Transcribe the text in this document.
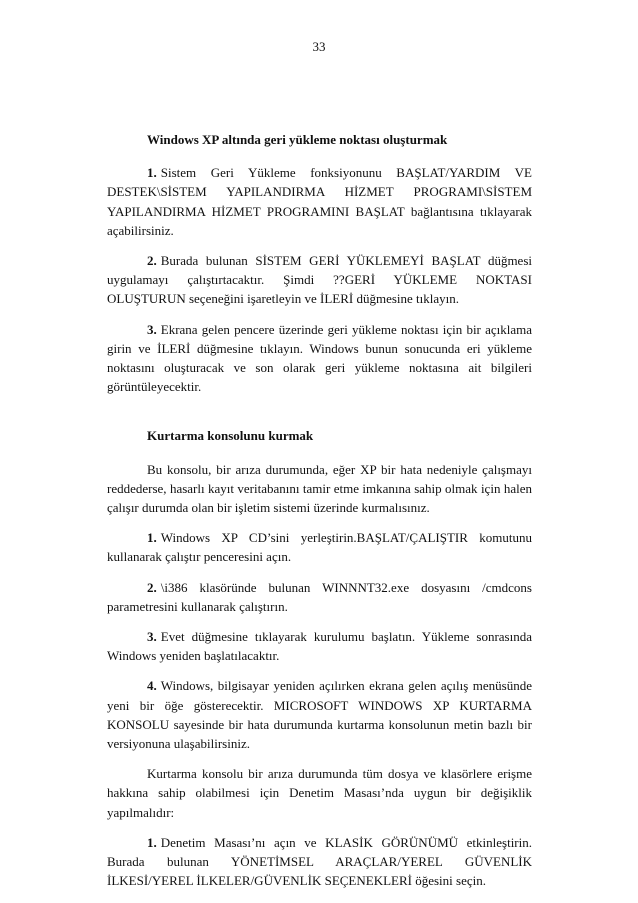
33

Windows XP altında geri yükleme noktası oluşturmak

1. Sistem Geri Yükleme fonksiyonunu BAŞLAT/YARDIM VE DESTEK\SİSTEM YAPILANDIRMA HİZMET PROGRAMI\SİSTEM YAPILANDIRMA HİZMET PROGRAMINI BAŞLAT bağlantısına tıklayarak açabilirsiniz.

2. Burada bulunan SİSTEM GERİ YÜKLEMEYİ BAŞLAT düğmesi uygulamayı çalıştırtacaktır. Şimdi ??GERİ YÜKLEME NOKTASI OLUŞTURUN seçeneğini işaretleyin ve İLERİ düğmesine tıklayın.

3. Ekrana gelen pencere üzerinde geri yükleme noktası için bir açıklama girin ve İLERİ düğmesine tıklayın. Windows bunun sonucunda eri yükleme noktasını oluşturacak ve son olarak geri yükleme noktasına ait bilgileri görüntüleyecektir.

Kurtarma konsolunu kurmak

Bu konsolu, bir arıza durumunda, eğer XP bir hata nedeniyle çalışmayı reddederse, hasarlı kayıt veritabanını tamir etme imkanına sahip olmak için halen çalışır durumda olan bir işletim sistemi üzerinde kurmalısınız.

1. Windows XP CD’sini yerleştirin.BAŞLAT/ÇALIŞTIR komutunu kullanarak çalıştır penceresini açın.

2. \i386 klasöründe bulunan WINNNT32.exe dosyasını /cmdcons parametresini kullanarak çalıştırın.

3. Evet düğmesine tıklayarak kurulumu başlatın. Yükleme sonrasında Windows yeniden başlatılacaktır.

4. Windows, bilgisayar yeniden açılırken ekrana gelen açılış menüsünde yeni bir öğe gösterecektir. MICROSOFT WINDOWS XP KURTARMA KONSOLU sayesinde bir hata durumunda kurtarma konsolunun metin bazlı bir versiyonuna ulaşabilirsiniz.

Kurtarma konsolu bir arıza durumunda tüm dosya ve klasörlere erişme hakkına sahip olabilmesi için Denetim Masası’nda uygun bir değişiklik yapılmalıdır:

1. Denetim Masası’nı açın ve KLASİK GÖRÜNÜMÜ etkinleştirin. Burada bulunan YÖNETİMSEL ARAÇLAR/YEREL GÜVENLİK İLKESİ/YEREL İLKELER/GÜVENLİK SEÇENEKLERİ öğesini seçin.
